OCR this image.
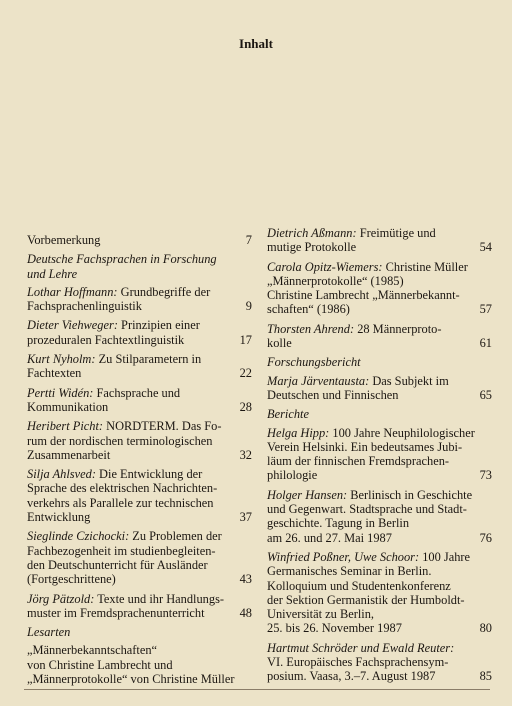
Inhalt
Vorbemerkung	7
Deutsche Fachsprachen in Forschung
und Lehre
Lothar Hoffmann: Grundbegriffe der
Fachsprachenlinguistik	9
Dieter Viehweger: Prinzipien einer
prozeduralen Fachtextlinguistik	17
Kurt Nyholm: Zu Stilparametern in
Fachtexten	22
Pertti Widén: Fachsprache und
Kommunikation	28
Heribert Picht: NORDTERM. Das Fo-
rum der nordischen terminologischen
Zusammenarbeit	32
Silja Ahlsved: Die Entwicklung der
Sprache des elektrischen Nachrichten-
verkehrs als Parallele zur technischen
Entwicklung	37
Sieglinde Czichocki: Zu Problemen der
Fachbezogenheit im studienbegleiten-
den Deutschunterricht für Ausländer
(Fortgeschrittene)	43
Jörg Pätzold: Texte und ihr Handlungs-
muster im Fremdsprachenunterricht	48
Lesarten
„Männerbekanntschaften“
von Christine Lambrecht und
„Männerprotokolle“ von Christine Müller
Dietrich Aßmann: Freimütige und
mutige Protokolle	54
Carola Opitz-Wiemers: Christine Müller
„Männerprotokolle“ (1985)
Christine Lambrecht „Männerbekannt-
schaften“ (1986)	57
Thorsten Ahrend: 28 Männerproto-
kolle	61
Forschungsbericht
Marja Järventausta: Das Subjekt im
Deutschen und Finnischen	65
Berichte
Helga Hipp: 100 Jahre Neuphilologischer
Verein Helsinki. Ein bedeutsames Jubi-
läum der finnischen Fremdsprachen-
philologie	73
Holger Hansen: Berlinisch in Geschichte
und Gegenwart. Stadtsprache und Stadt-
geschichte. Tagung in Berlin
am 26. und 27. Mai 1987	76
Winfried Poßner, Uwe Schoor: 100 Jahre
Germanisches Seminar in Berlin.
Kolloquium und Studentenkonferenz
der Sektion Germanistik der Humboldt-
Universität zu Berlin,
25. bis 26. November 1987	80
Hartmut Schröder und Ewald Reuter:
VI. Europäisches Fachsprachensym-
posium. Vaasa, 3.–7. August 1987	85
